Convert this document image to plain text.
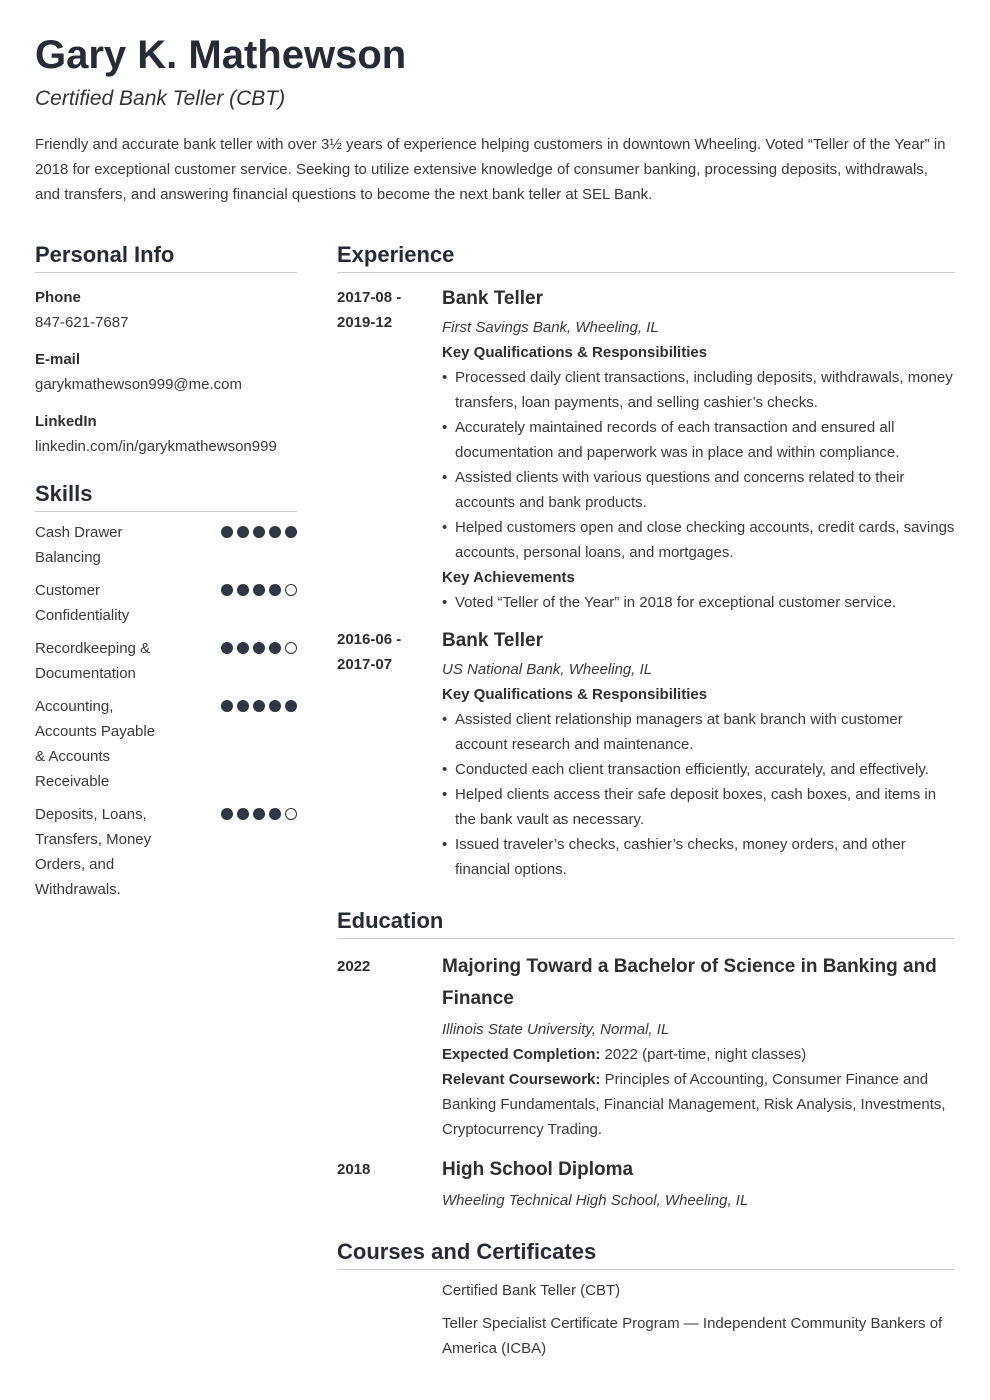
Gary K. Mathewson
Certified Bank Teller (CBT)
Friendly and accurate bank teller with over 3½ years of experience helping customers in downtown Wheeling. Voted “Teller of the Year” in 2018 for exceptional customer service. Seeking to utilize extensive knowledge of consumer banking, processing deposits, withdrawals, and transfers, and answering financial questions to become the next bank teller at SEL Bank.
Personal Info
Phone
847-621-7687
E-mail
garykmathewson999@me.com
LinkedIn
linkedin.com/in/garykmathewson999
Skills
Cash Drawer Balancing
Customer Confidentiality
Recordkeeping & Documentation
Accounting, Accounts Payable & Accounts Receivable
Deposits, Loans, Transfers, Money Orders, and Withdrawals.
Experience
2017-08 - 2019-12
Bank Teller
First Savings Bank, Wheeling, IL
Key Qualifications & Responsibilities
• Processed daily client transactions, including deposits, withdrawals, money transfers, loan payments, and selling cashier’s checks.
• Accurately maintained records of each transaction and ensured all documentation and paperwork was in place and within compliance.
• Assisted clients with various questions and concerns related to their accounts and bank products.
• Helped customers open and close checking accounts, credit cards, savings accounts, personal loans, and mortgages.
Key Achievements
• Voted “Teller of the Year” in 2018 for exceptional customer service.
2016-06 - 2017-07
Bank Teller
US National Bank, Wheeling, IL
Key Qualifications & Responsibilities
• Assisted client relationship managers at bank branch with customer account research and maintenance.
• Conducted each client transaction efficiently, accurately, and effectively.
• Helped clients access their safe deposit boxes, cash boxes, and items in the bank vault as necessary.
• Issued traveler’s checks, cashier’s checks, money orders, and other financial options.
Education
2022	Majoring Toward a Bachelor of Science in Banking and Finance
Illinois State University, Normal, IL
Expected Completion: 2022 (part-time, night classes)
Relevant Coursework: Principles of Accounting, Consumer Finance and Banking Fundamentals, Financial Management, Risk Analysis, Investments, Cryptocurrency Trading.
2018	High School Diploma
Wheeling Technical High School, Wheeling, IL
Courses and Certificates
Certified Bank Teller (CBT)
Teller Specialist Certificate Program — Independent Community Bankers of America (ICBA)
